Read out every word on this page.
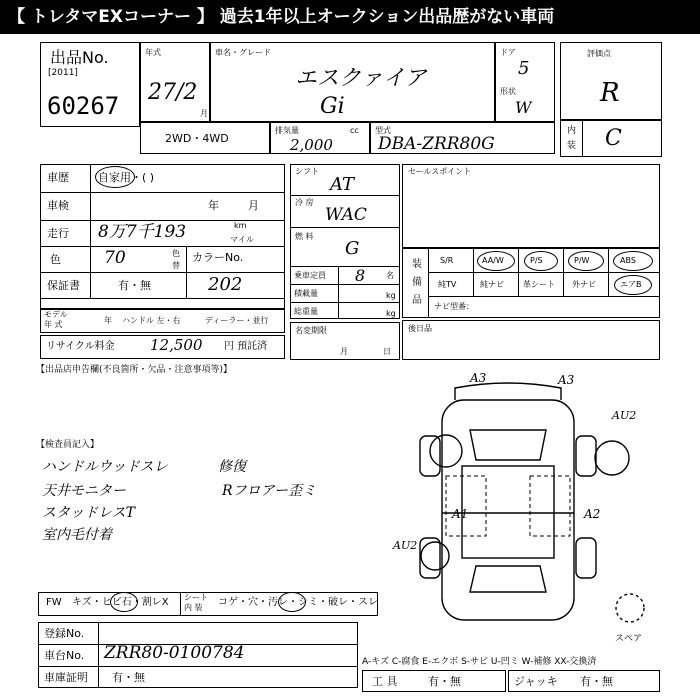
【 トレタマEXコーナー 】 過去1年以上オークション出品歴がない車両
出品No.
[2011]
60267
年式
27/2
月
車名・グレード
エスクァイア
Gi
ドア
5
形状
W
評価点
R
内
装 C
2WD・4WD
排気量	cc
2,000
型式
DBA-ZRR80G
車歴	自家用・( )
車検	年	月
走行 8万7千193	km
マイル
色	70	色
替
カラーNo.
保証書	有・無	202
モデル
年 式	年 ハンドル 左・右	ディーラー・並行
リサイクル料金 12,500 円 預託済
シフト
AT
冷 房
WAC
燃 料
G
乗車定員 8	名
積載量	kg
総重量	kg
名変期限
月	日
セールスポイント
装
備
品
S/R	AA/W	P/S	P/W	ABS
純TV	純ナビ 革シート 外ナビ	エアB
ナビ型番：
後日品
【出品店申告欄(不良箇所・欠品・注意事項等)】
【検査員記入】
ハンドルウッドスレ
天井モニター
スタッドレスT
室内毛付着
修復
Rフロアー歪ミ
A3	A3
AU2
A1	A2
AU2
スペア
FW キズ・ヒビ石・割レX シート
内 装 コゲ・穴・汚レ・シミ・破レ・スレ
登録No.
車台No. ZRR80-0100784
車庫証明 有・無
A-キズ C-腐食 E-エクボ S-サビ U-凹ミ W-補修 XX-交換済
工 具	有・無	ジャッキ 有・無
